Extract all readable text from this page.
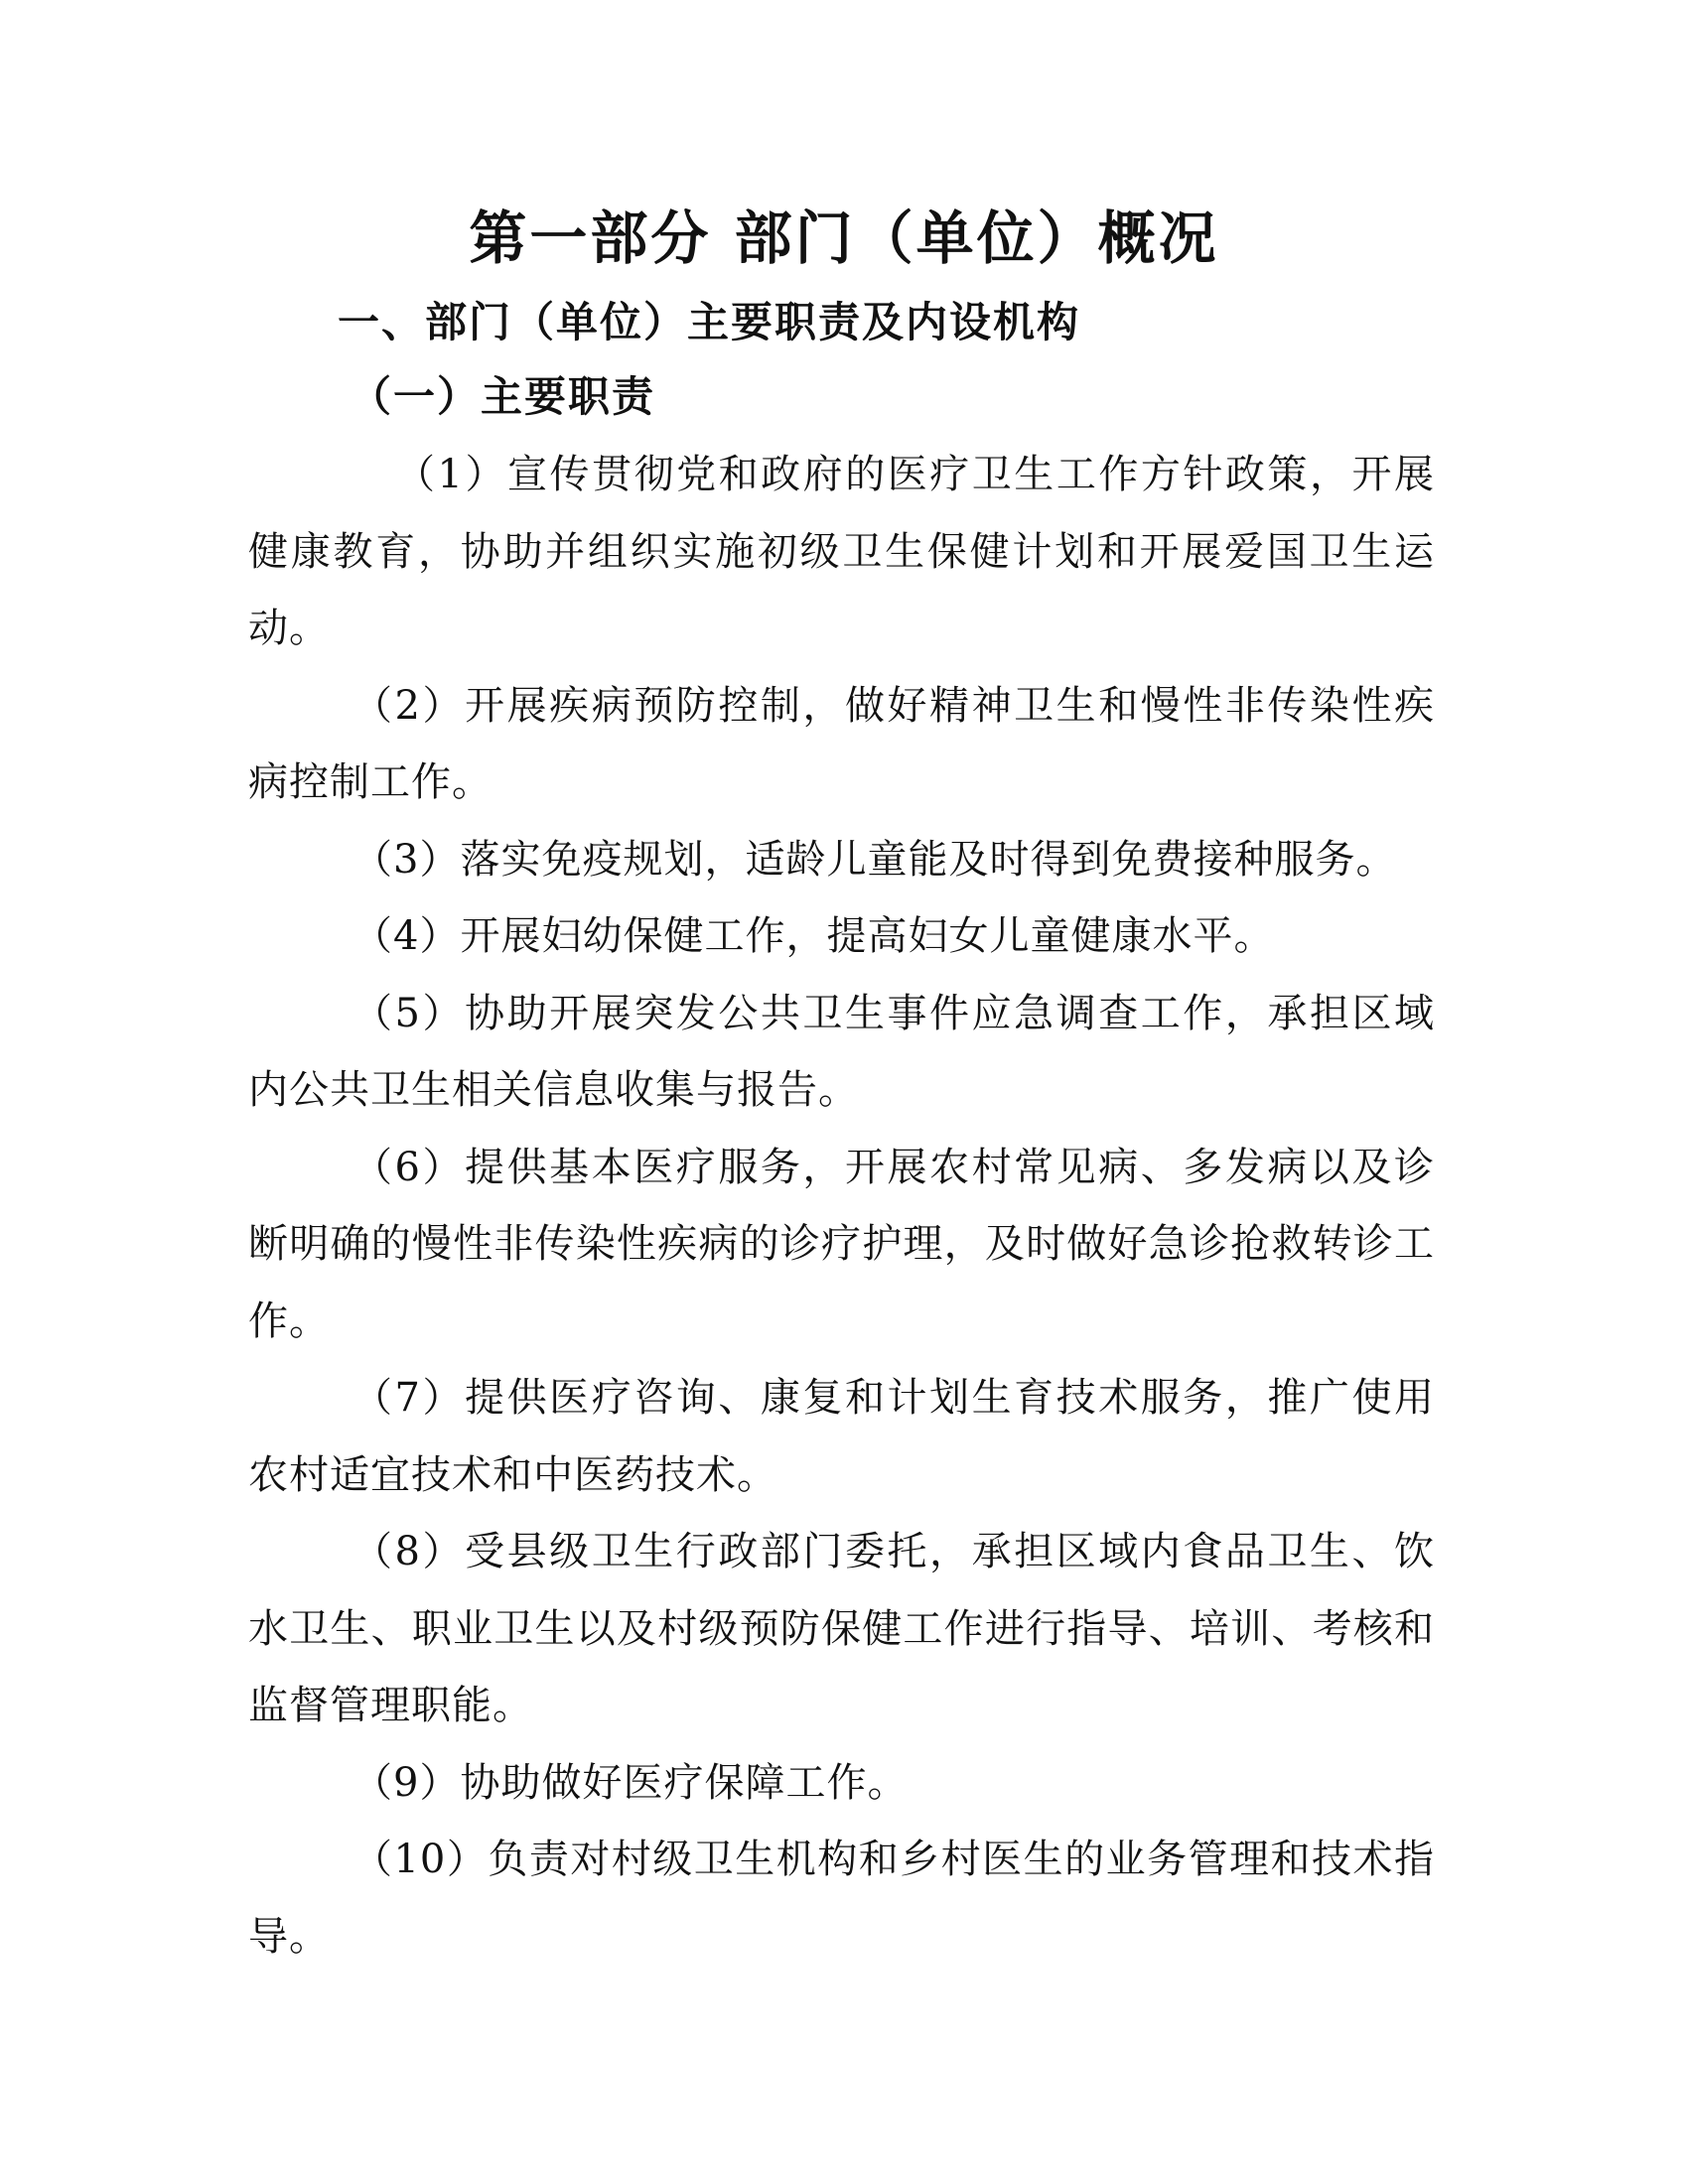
第一部分 部门（单位）概况
一、部门（单位）主要职责及内设机构
（一）主要职责
（1）宣传贯彻党和政府的医疗卫生工作方针政策，开展健康教育，协助并组织实施初级卫生保健计划和开展爱国卫生运动。
（2）开展疾病预防控制，做好精神卫生和慢性非传染性疾病控制工作。
（3）落实免疫规划，适龄儿童能及时得到免费接种服务。
（4）开展妇幼保健工作，提高妇女儿童健康水平。
（5）协助开展突发公共卫生事件应急调查工作，承担区域内公共卫生相关信息收集与报告。
（6）提供基本医疗服务，开展农村常见病、多发病以及诊断明确的慢性非传染性疾病的诊疗护理，及时做好急诊抢救转诊工作。
（7）提供医疗咨询、康复和计划生育技术服务，推广使用农村适宜技术和中医药技术。
（8）受县级卫生行政部门委托，承担区域内食品卫生、饮水卫生、职业卫生以及村级预防保健工作进行指导、培训、考核和监督管理职能。
（9）协助做好医疗保障工作。
（10）负责对村级卫生机构和乡村医生的业务管理和技术指导。
